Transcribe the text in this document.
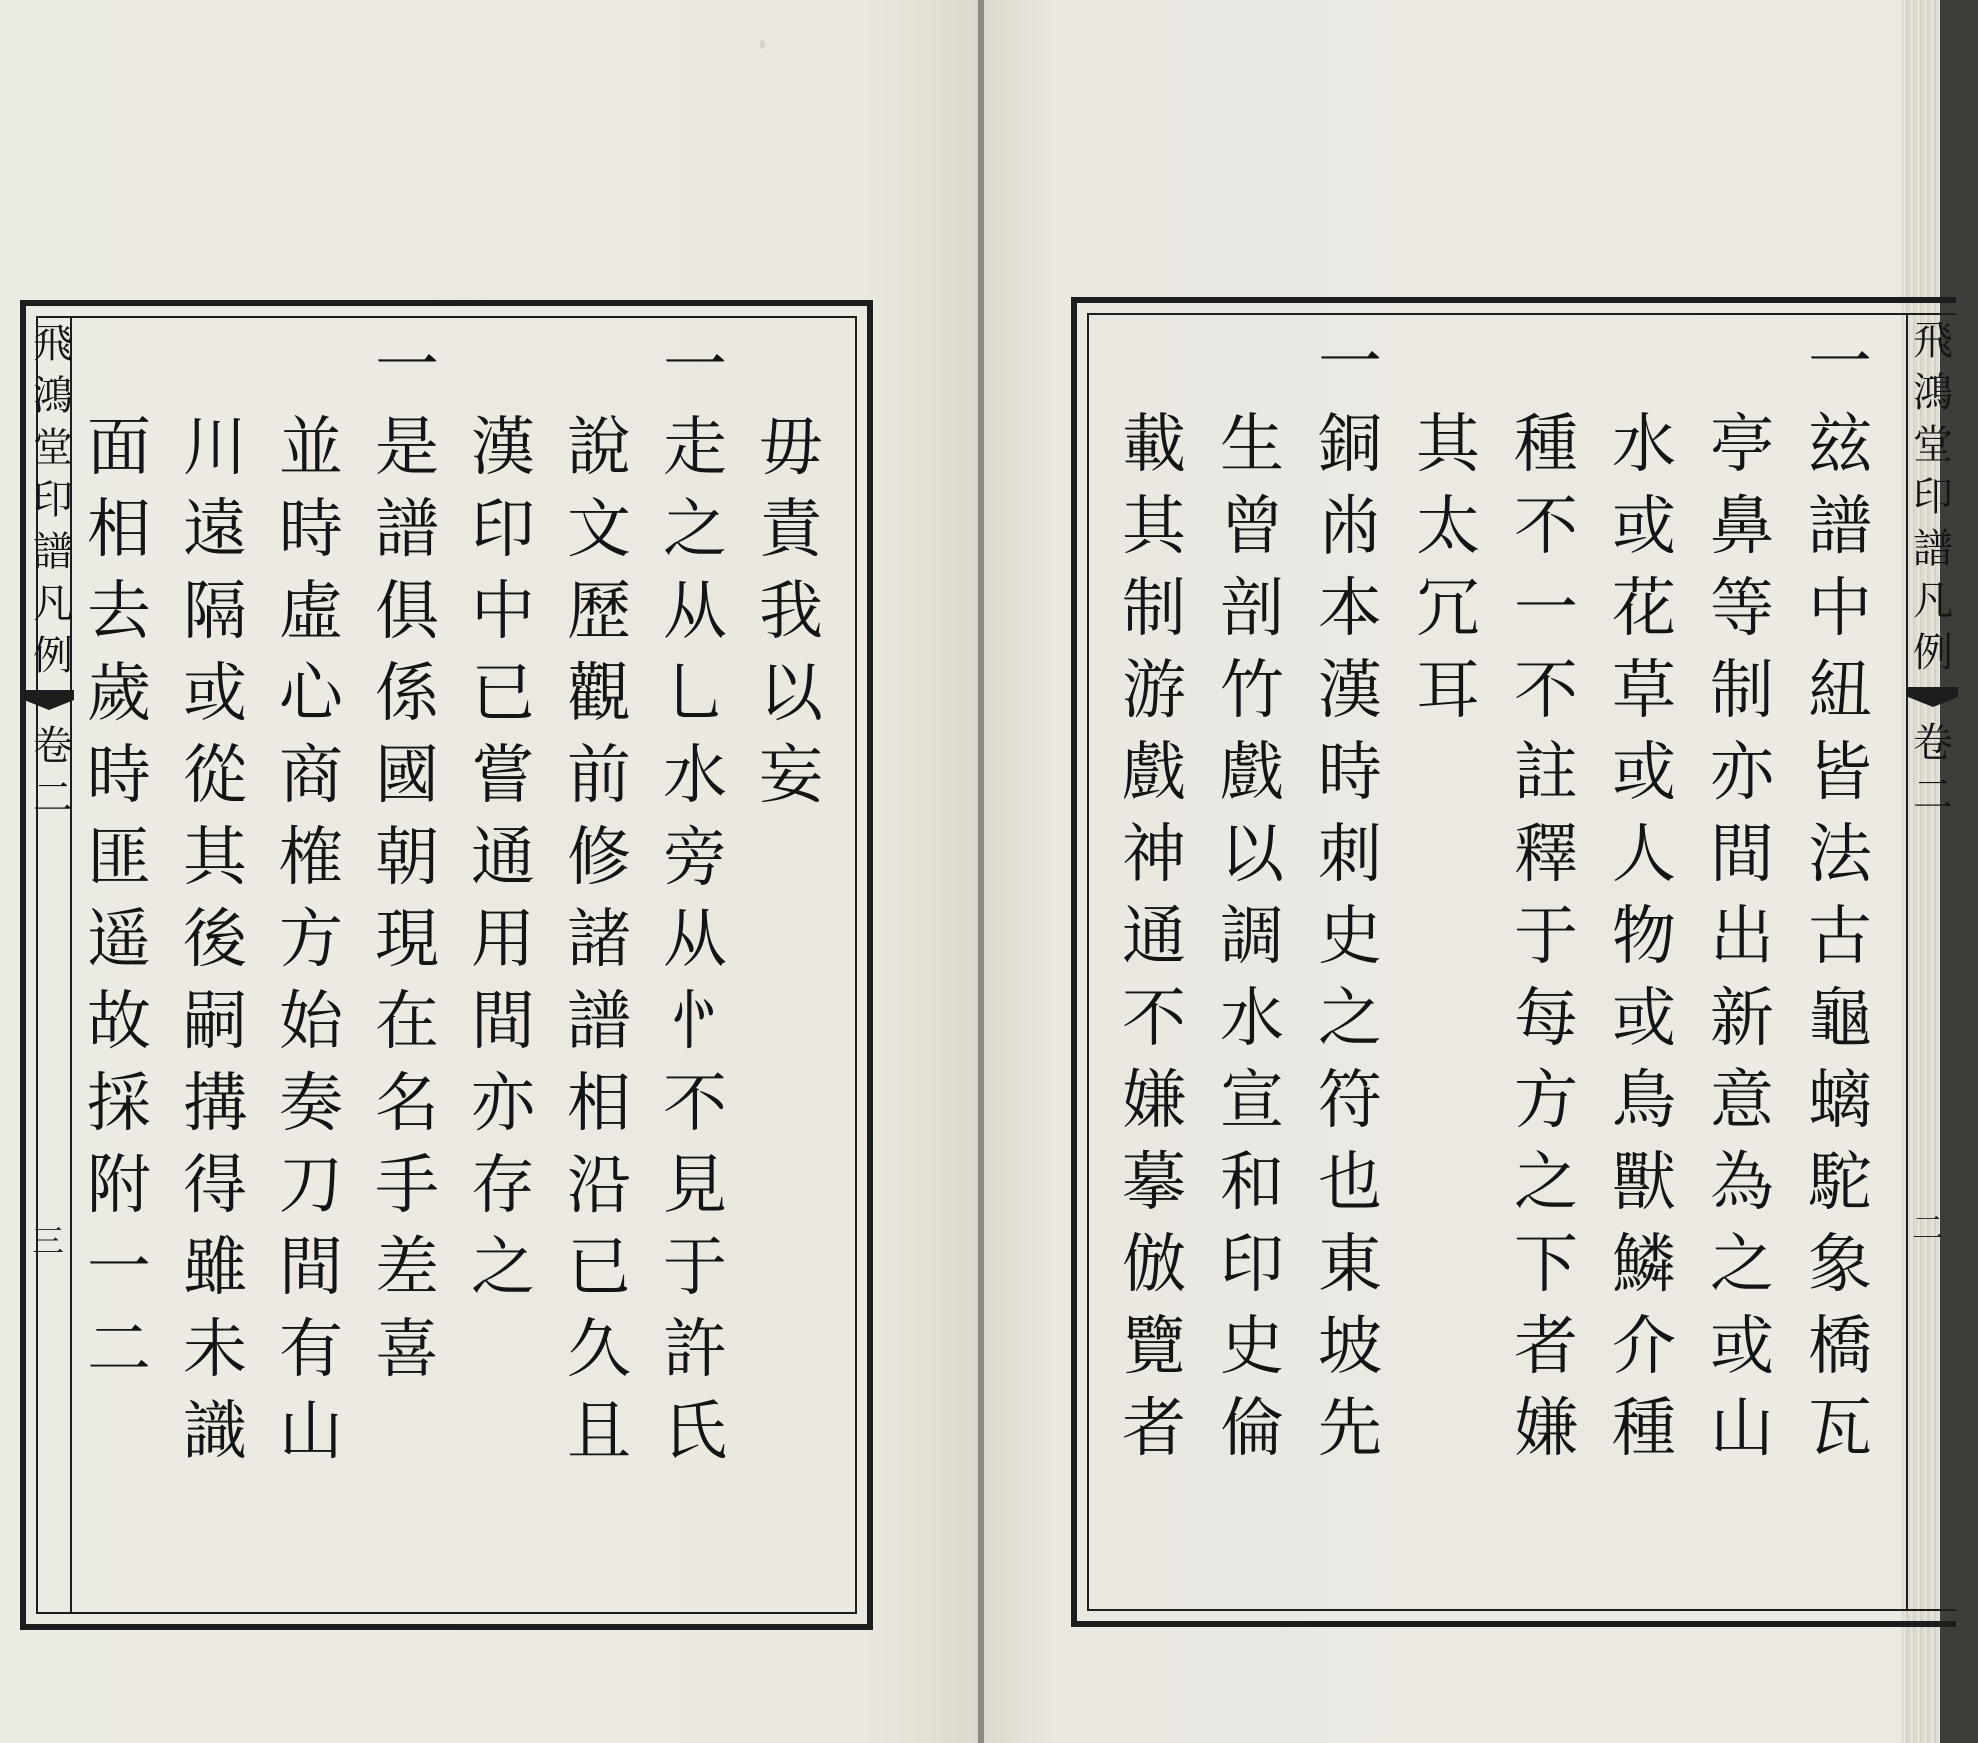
飛
鴻
堂
印
譜
凡
例
卷
二
三
毋
責
我
以
妄
一
走
之
从
乚
水
旁
从
㣺
不
見
于
許
氏
說
文
歷
觀
前
修
諸
譜
相
沿
已
久
且
漢
印
中
已
嘗
通
用
間
亦
存
之
一
是
譜
俱
係
國
朝
現
在
名
手
差
喜
並
時
虛
心
商
榷
方
始
奏
刀
間
有
山
川
遠
隔
或
從
其
後
嗣
搆
得
雖
未
識
面
相
去
歲
時
匪
遥
故
採
附
一
二
飛
鴻
堂
印
譜
凡
例
卷
二
二
一
玆
譜
中
紐
皆
法
古
龜
螭
駝
象
橋
瓦
亭
鼻
等
制
亦
間
出
新
意
為
之
或
山
水
或
花
草
或
人
物
或
鳥
獸
鱗
介
種
種
不
一
不
註
釋
于
每
方
之
下
者
嫌
其
太
冗
耳
一
銅
㡀
本
漢
時
刺
史
之
符
也
東
坡
先
生
曾
剖
竹
戲
以
調
水
宣
和
印
史
倫
載
其
制
游
戲
神
通
不
嫌
摹
倣
覽
者
